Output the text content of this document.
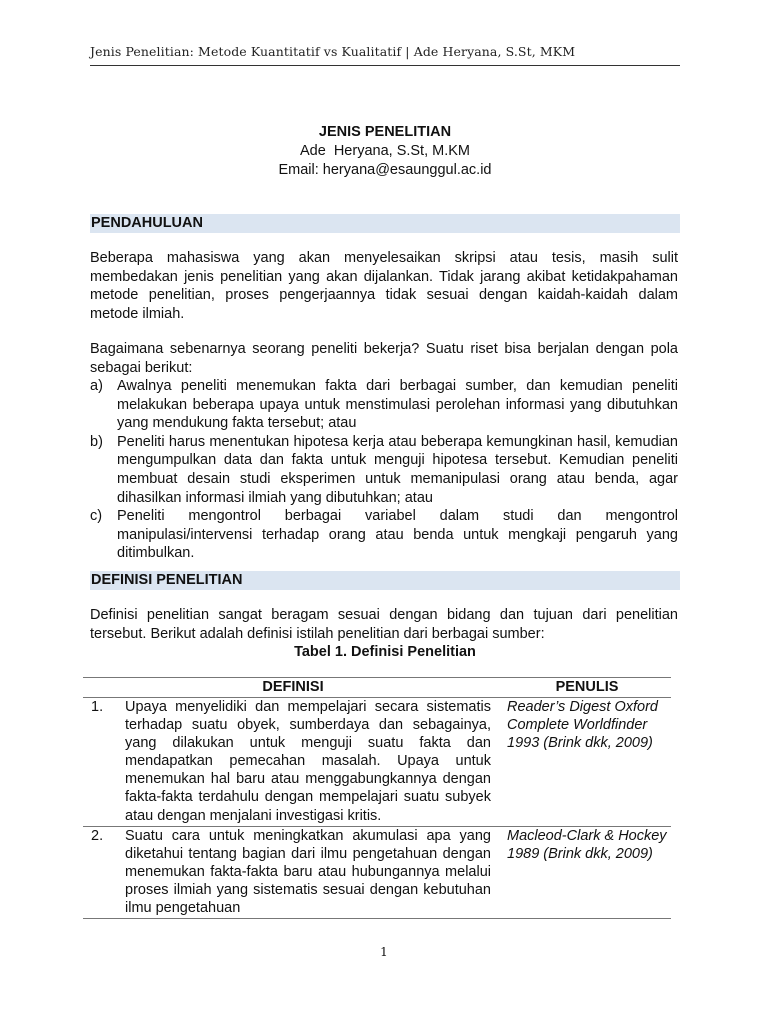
Jenis Penelitian: Metode Kuantitatif vs Kualitatif | Ade Heryana, S.St, MKM
JENIS PENELITIAN
Ade  Heryana, S.St, M.KM
Email: heryana@esaunggul.ac.id
PENDAHULUAN
Beberapa mahasiswa yang akan menyelesaikan skripsi atau tesis, masih sulit membedakan jenis penelitian yang akan dijalankan. Tidak jarang akibat ketidakpahaman metode penelitian, proses pengerjaannya tidak sesuai dengan kaidah-kaidah dalam metode ilmiah.
Bagaimana sebenarnya seorang peneliti bekerja? Suatu riset bisa berjalan dengan pola sebagai berikut:
a) Awalnya peneliti menemukan fakta dari berbagai sumber, dan kemudian peneliti melakukan beberapa upaya untuk menstimulasi perolehan informasi yang dibutuhkan yang mendukung fakta tersebut; atau
b) Peneliti harus menentukan hipotesa kerja atau beberapa kemungkinan hasil, kemudian mengumpulkan data dan fakta untuk menguji hipotesa tersebut. Kemudian peneliti membuat desain studi eksperimen untuk memanipulasi orang atau benda, agar dihasilkan informasi ilmiah yang dibutuhkan; atau
c)	Peneliti mengontrol berbagai variabel dalam studi dan mengontrol manipulasi/intervensi terhadap orang atau benda untuk mengkaji pengaruh yang ditimbulkan.
DEFINISI PENELITIAN
Definisi penelitian sangat beragam sesuai dengan bidang dan tujuan dari penelitian tersebut. Berikut adalah definisi istilah penelitian dari berbagai sumber:
Tabel 1. Definisi Penelitian
DEFINISI		PENULIS
1.	Upaya menyelidiki dan mempelajari secara sistematis terhadap suatu obyek, sumberdaya dan sebagainya, yang dilakukan untuk menguji suatu fakta dan mendapatkan pemecahan masalah. Upaya untuk menemukan hal baru atau menggabungkannya dengan fakta-fakta terdahulu dengan mempelajari suatu subyek atau dengan menjalani investigasi kritis.	Reader’s Digest Oxford Complete Worldfinder 1993 (Brink dkk, 2009)
2.	Suatu cara untuk meningkatkan akumulasi apa yang diketahui tentang bagian dari ilmu pengetahuan dengan menemukan fakta-fakta baru atau hubungannya melalui proses ilmiah yang sistematis sesuai dengan kebutuhan ilmu pengetahuan	Macleod-Clark & Hockey 1989 (Brink dkk, 2009)
1
